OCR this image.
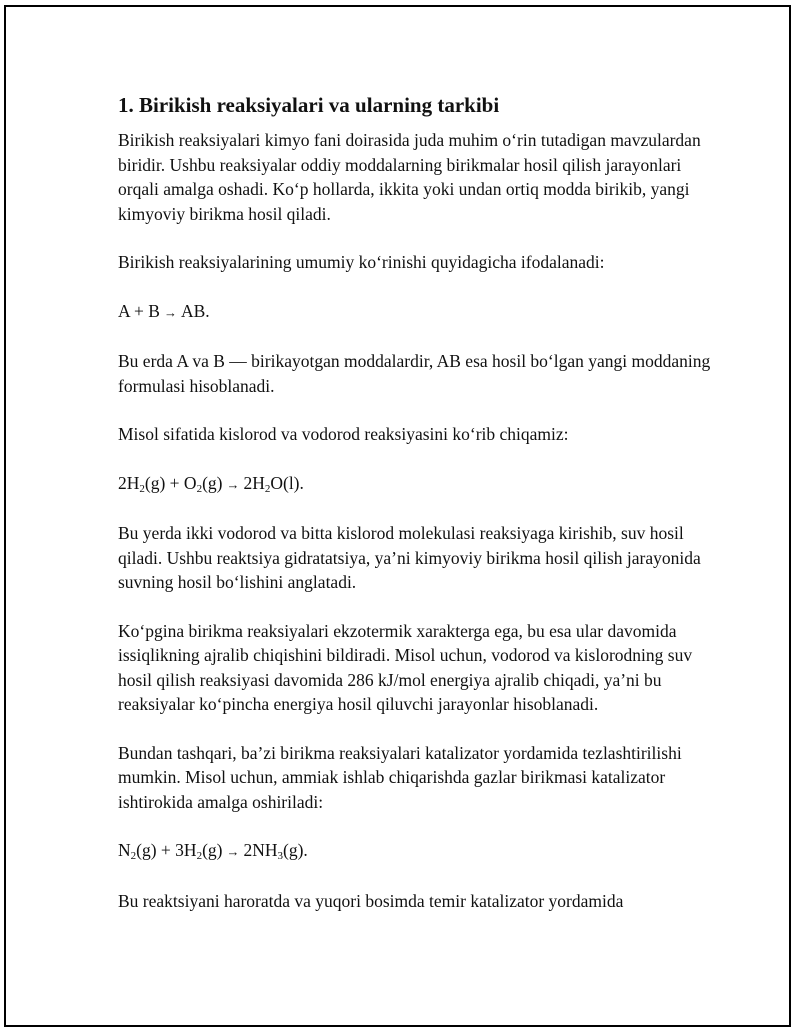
1. Birikish reaksiyalari va ularning tarkibi

Birikish reaksiyalari kimyo fani doirasida juda muhim o‘rin tutadigan mavzulardan biridir. Ushbu reaksiyalar oddiy moddalarning birikmalar hosil qilish jarayonlari orqali amalga oshadi. Ko‘p hollarda, ikkita yoki undan ortiq modda birikib, yangi kimyoviy birikma hosil qiladi.

Birikish reaksiyalarining umumiy ko‘rinishi quyidagicha ifodalanadi:

A + B → AB.

Bu erda A va B — birikayotgan moddalardir, AB esa hosil bo‘lgan yangi moddaning formulasi hisoblanadi.

Misol sifatida kislorod va vodorod reaksiyasini ko‘rib chiqamiz:

$2H_2(g) + O_2(g) \to 2H_2O(l)$.

Bu yerda ikki vodorod va bitta kislorod molekulasi reaksiyaga kirishib, suv hosil qiladi. Ushbu reaktsiya gidratatsiya, ya’ni kimyoviy birikma hosil qilish jarayonida suvning hosil bo‘lishini anglatadi.

Ko‘pgina birikma reaksiyalari ekzotermik xarakterga ega, bu esa ular davomida issiqlikning ajralib chiqishini bildiradi. Misol uchun, vodorod va kislorodning suv hosil qilish reaksiyasi davomida 286 kJ/mol energiya ajralib chiqadi, ya’ni bu reaksiyalar ko‘pincha energiya hosil qiluvchi jarayonlar hisoblanadi.

Bundan tashqari, ba’zi birikma reaksiyalari katalizator yordamida tezlashtirilishi mumkin. Misol uchun, ammiak ishlab chiqarishda gazlar birikmasi katalizator ishtirokida amalga oshiriladi:

$N_2(g) + 3H_2(g) \to 2NH_3(g)$.

Bu reaktsiyani haroratda va yuqori bosimda temir katalizator yordamida
